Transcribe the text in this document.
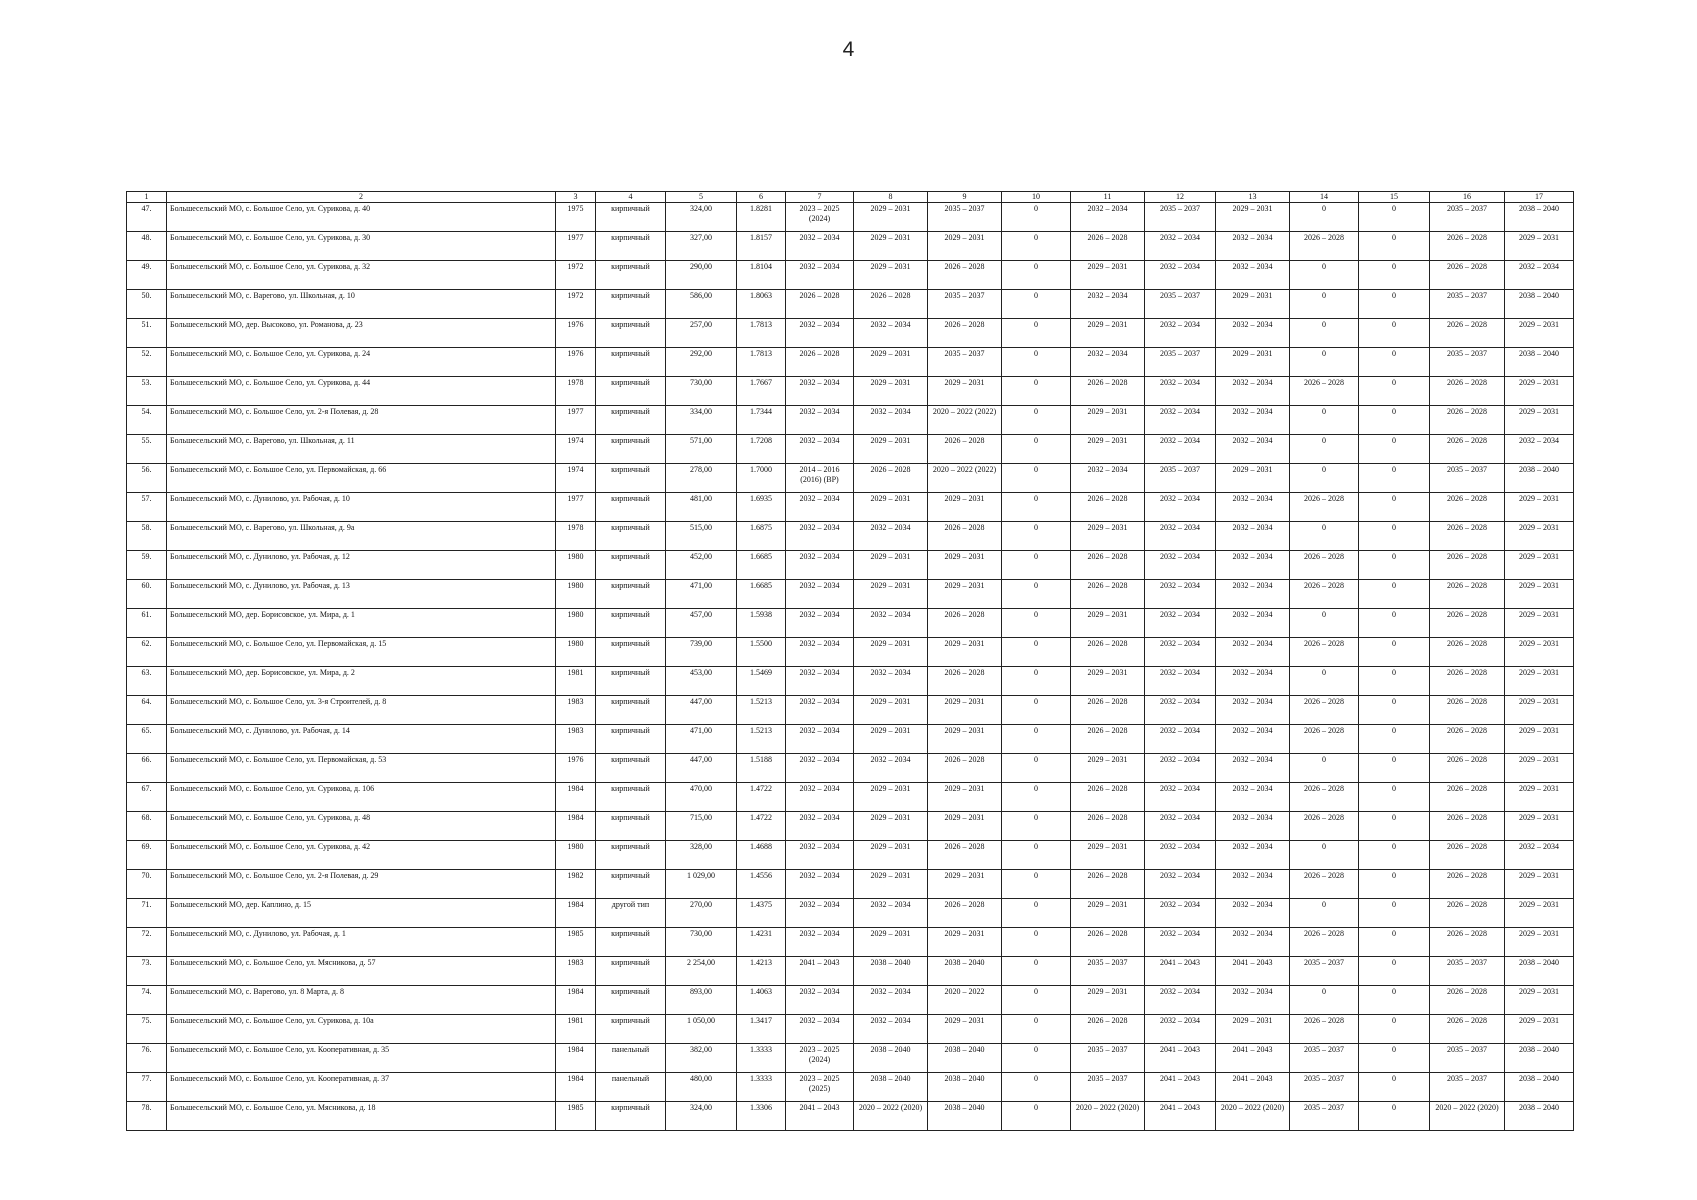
4
1	2	3	4	5	6	7	8	9	10	11	12	13	14	15	16	17
47.	Большесельский МО, с. Большое Село, ул. Сурикова, д. 40	1975	кирпичный	324,00	1.8281	2023 – 2025 (2024)	2029 – 2031	2035 – 2037	0	2032 – 2034	2035 – 2037	2029 – 2031	0	0	2035 – 2037	2038 – 2040
48.	Большесельский МО, с. Большое Село, ул. Сурикова, д. 30	1977	кирпичный	327,00	1.8157	2032 – 2034	2029 – 2031	2029 – 2031	0	2026 – 2028	2032 – 2034	2032 – 2034	2026 – 2028	0	2026 – 2028	2029 – 2031
49.	Большесельский МО, с. Большое Село, ул. Сурикова, д. 32	1972	кирпичный	290,00	1.8104	2032 – 2034	2029 – 2031	2026 – 2028	0	2029 – 2031	2032 – 2034	2032 – 2034	0	0	2026 – 2028	2032 – 2034
50.	Большесельский МО, с. Варегово, ул. Школьная, д. 10	1972	кирпичный	586,00	1.8063	2026 – 2028	2026 – 2028	2035 – 2037	0	2032 – 2034	2035 – 2037	2029 – 2031	0	0	2035 – 2037	2038 – 2040
51.	Большесельский МО, дер. Высоково, ул. Романова, д. 23	1976	кирпичный	257,00	1.7813	2032 – 2034	2032 – 2034	2026 – 2028	0	2029 – 2031	2032 – 2034	2032 – 2034	0	0	2026 – 2028	2029 – 2031
52.	Большесельский МО, с. Большое Село, ул. Сурикова, д. 24	1976	кирпичный	292,00	1.7813	2026 – 2028	2029 – 2031	2035 – 2037	0	2032 – 2034	2035 – 2037	2029 – 2031	0	0	2035 – 2037	2038 – 2040
53.	Большесельский МО, с. Большое Село, ул. Сурикова, д. 44	1978	кирпичный	730,00	1.7667	2032 – 2034	2029 – 2031	2029 – 2031	0	2026 – 2028	2032 – 2034	2032 – 2034	2026 – 2028	0	2026 – 2028	2029 – 2031
54.	Большесельский МО, с. Большое Село, ул. 2-я Полевая, д. 28	1977	кирпичный	334,00	1.7344	2032 – 2034	2032 – 2034	2020 – 2022 (2022)	0	2029 – 2031	2032 – 2034	2032 – 2034	0	0	2026 – 2028	2029 – 2031
55.	Большесельский МО, с. Варегово, ул. Школьная, д. 11	1974	кирпичный	571,00	1.7208	2032 – 2034	2029 – 2031	2026 – 2028	0	2029 – 2031	2032 – 2034	2032 – 2034	0	0	2026 – 2028	2032 – 2034
56.	Большесельский МО, с. Большое Село, ул. Первомайская, д. 66	1974	кирпичный	278,00	1.7000	2014 – 2016 (2016) (ВР)	2026 – 2028	2020 – 2022 (2022)	0	2032 – 2034	2035 – 2037	2029 – 2031	0	0	2035 – 2037	2038 – 2040
57.	Большесельский МО, с. Дунилово, ул. Рабочая, д. 10	1977	кирпичный	481,00	1.6935	2032 – 2034	2029 – 2031	2029 – 2031	0	2026 – 2028	2032 – 2034	2032 – 2034	2026 – 2028	0	2026 – 2028	2029 – 2031
58.	Большесельский МО, с. Варегово, ул. Школьная, д. 9а	1978	кирпичный	515,00	1.6875	2032 – 2034	2032 – 2034	2026 – 2028	0	2029 – 2031	2032 – 2034	2032 – 2034	0	0	2026 – 2028	2029 – 2031
59.	Большесельский МО, с. Дунилово, ул. Рабочая, д. 12	1980	кирпичный	452,00	1.6685	2032 – 2034	2029 – 2031	2029 – 2031	0	2026 – 2028	2032 – 2034	2032 – 2034	2026 – 2028	0	2026 – 2028	2029 – 2031
60.	Большесельский МО, с. Дунилово, ул. Рабочая, д. 13	1980	кирпичный	471,00	1.6685	2032 – 2034	2029 – 2031	2029 – 2031	0	2026 – 2028	2032 – 2034	2032 – 2034	2026 – 2028	0	2026 – 2028	2029 – 2031
61.	Большесельский МО, дер. Борисовское, ул. Мира, д. 1	1980	кирпичный	457,00	1.5938	2032 – 2034	2032 – 2034	2026 – 2028	0	2029 – 2031	2032 – 2034	2032 – 2034	0	0	2026 – 2028	2029 – 2031
62.	Большесельский МО, с. Большое Село, ул. Первомайская, д. 15	1980	кирпичный	739,00	1.5500	2032 – 2034	2029 – 2031	2029 – 2031	0	2026 – 2028	2032 – 2034	2032 – 2034	2026 – 2028	0	2026 – 2028	2029 – 2031
63.	Большесельский МО, дер. Борисовское, ул. Мира, д. 2	1981	кирпичный	453,00	1.5469	2032 – 2034	2032 – 2034	2026 – 2028	0	2029 – 2031	2032 – 2034	2032 – 2034	0	0	2026 – 2028	2029 – 2031
64.	Большесельский МО, с. Большое Село, ул. 3-я Строителей, д. 8	1983	кирпичный	447,00	1.5213	2032 – 2034	2029 – 2031	2029 – 2031	0	2026 – 2028	2032 – 2034	2032 – 2034	2026 – 2028	0	2026 – 2028	2029 – 2031
65.	Большесельский МО, с. Дунилово, ул. Рабочая, д. 14	1983	кирпичный	471,00	1.5213	2032 – 2034	2029 – 2031	2029 – 2031	0	2026 – 2028	2032 – 2034	2032 – 2034	2026 – 2028	0	2026 – 2028	2029 – 2031
66.	Большесельский МО, с. Большое Село, ул. Первомайская, д. 53	1976	кирпичный	447,00	1.5188	2032 – 2034	2032 – 2034	2026 – 2028	0	2029 – 2031	2032 – 2034	2032 – 2034	0	0	2026 – 2028	2029 – 2031
67.	Большесельский МО, с. Большое Село, ул. Сурикова, д. 106	1984	кирпичный	470,00	1.4722	2032 – 2034	2029 – 2031	2029 – 2031	0	2026 – 2028	2032 – 2034	2032 – 2034	2026 – 2028	0	2026 – 2028	2029 – 2031
68.	Большесельский МО, с. Большое Село, ул. Сурикова, д. 48	1984	кирпичный	715,00	1.4722	2032 – 2034	2029 – 2031	2029 – 2031	0	2026 – 2028	2032 – 2034	2032 – 2034	2026 – 2028	0	2026 – 2028	2029 – 2031
69.	Большесельский МО, с. Большое Село, ул. Сурикова, д. 42	1980	кирпичный	328,00	1.4688	2032 – 2034	2029 – 2031	2026 – 2028	0	2029 – 2031	2032 – 2034	2032 – 2034	0	0	2026 – 2028	2032 – 2034
70.	Большесельский МО, с. Большое Село, ул. 2-я Полевая, д. 29	1982	кирпичный	1 029,00	1.4556	2032 – 2034	2029 – 2031	2029 – 2031	0	2026 – 2028	2032 – 2034	2032 – 2034	2026 – 2028	0	2026 – 2028	2029 – 2031
71.	Большесельский МО, дер. Каплино, д. 15	1984	другой тип	270,00	1.4375	2032 – 2034	2032 – 2034	2026 – 2028	0	2029 – 2031	2032 – 2034	2032 – 2034	0	0	2026 – 2028	2029 – 2031
72.	Большесельский МО, с. Дунилово, ул. Рабочая, д. 1	1985	кирпичный	730,00	1.4231	2032 – 2034	2029 – 2031	2029 – 2031	0	2026 – 2028	2032 – 2034	2032 – 2034	2026 – 2028	0	2026 – 2028	2029 – 2031
73.	Большесельский МО, с. Большое Село, ул. Мясникова, д. 57	1983	кирпичный	2 254,00	1.4213	2041 – 2043	2038 – 2040	2038 – 2040	0	2035 – 2037	2041 – 2043	2041 – 2043	2035 – 2037	0	2035 – 2037	2038 – 2040
74.	Большесельский МО, с. Варегово, ул. 8 Марта, д. 8	1984	кирпичный	893,00	1.4063	2032 – 2034	2032 – 2034	2020 – 2022	0	2029 – 2031	2032 – 2034	2032 – 2034	0	0	2026 – 2028	2029 – 2031
75.	Большесельский МО, с. Большое Село, ул. Сурикова, д. 10а	1981	кирпичный	1 050,00	1.3417	2032 – 2034	2032 – 2034	2029 – 2031	0	2026 – 2028	2032 – 2034	2029 – 2031	2026 – 2028	0	2026 – 2028	2029 – 2031
76.	Большесельский МО, с. Большое Село, ул. Кооперативная, д. 35	1984	панельный	382,00	1.3333	2023 – 2025 (2024)	2038 – 2040	2038 – 2040	0	2035 – 2037	2041 – 2043	2041 – 2043	2035 – 2037	0	2035 – 2037	2038 – 2040
77.	Большесельский МО, с. Большое Село, ул. Кооперативная, д. 37	1984	панельный	480,00	1.3333	2023 – 2025 (2025)	2038 – 2040	2038 – 2040	0	2035 – 2037	2041 – 2043	2041 – 2043	2035 – 2037	0	2035 – 2037	2038 – 2040
78.	Большесельский МО, с. Большое Село, ул. Мясникова, д. 18	1985	кирпичный	324,00	1.3306	2041 – 2043	2020 – 2022 (2020)	2038 – 2040	0	2020 – 2022 (2020)	2041 – 2043	2020 – 2022 (2020)	2035 – 2037	0	2020 – 2022 (2020)	2038 – 2040
